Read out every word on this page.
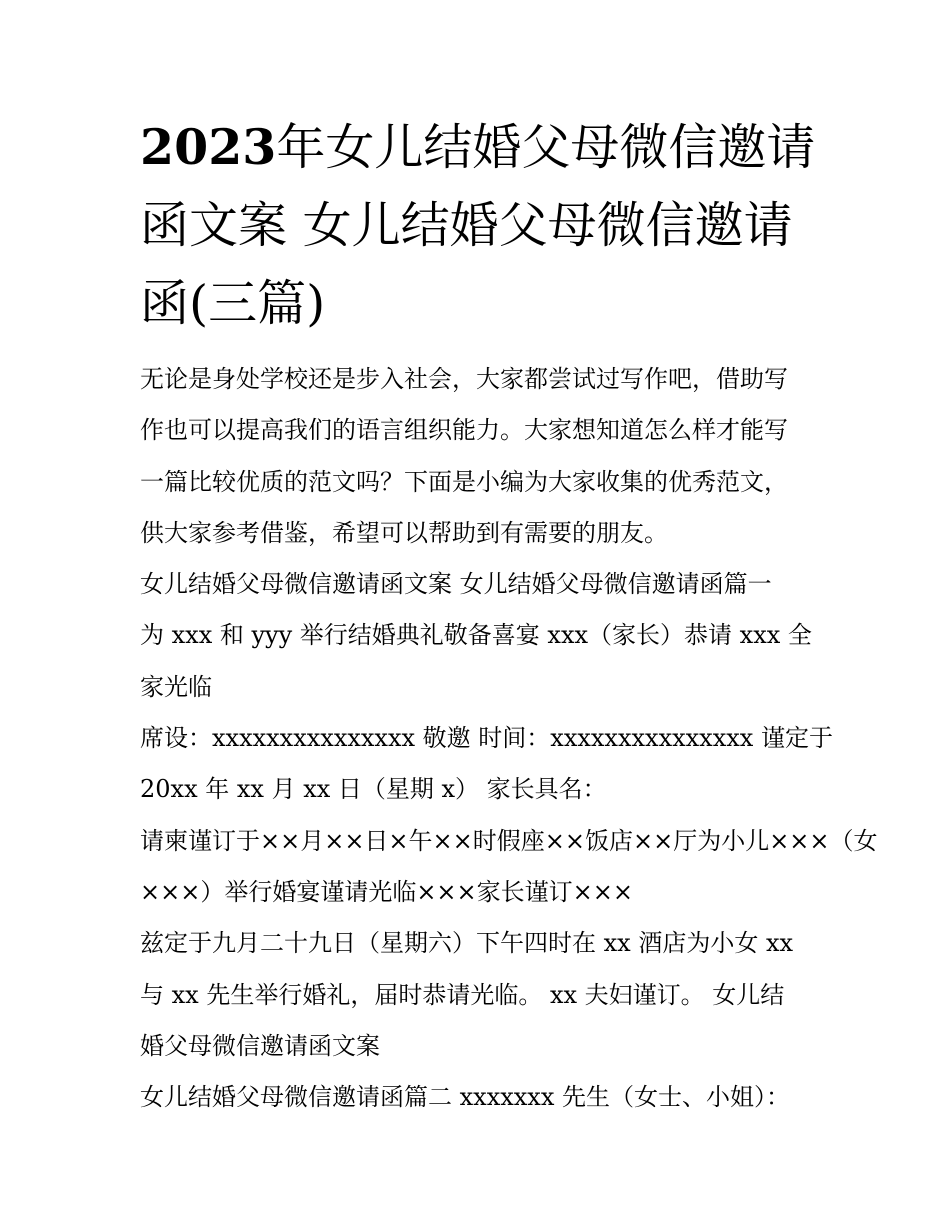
2023年女儿结婚父母微信邀请
函文案 女儿结婚父母微信邀请
函(三篇)
无论是身处学校还是步入社会，大家都尝试过写作吧，借助写
作也可以提高我们的语言组织能力。大家想知道怎么样才能写
一篇比较优质的范文吗？下面是小编为大家收集的优秀范文，
供大家参考借鉴，希望可以帮助到有需要的朋友。
女儿结婚父母微信邀请函文案 女儿结婚父母微信邀请函篇一
为 xxx 和 yyy 举行结婚典礼敬备喜宴 xxx（家长）恭请 xxx 全
家光临
席设：xxxxxxxxxxxxxxx 敬邀 时间：xxxxxxxxxxxxxxx 谨定于
20xx 年 xx 月 xx 日（星期 x） 家长具名：
请柬谨订于××月××日×午××时假座××饭店××厅为小儿×××（女
×××）举行婚宴谨请光临×××家长谨订×××
兹定于九月二十九日（星期六）下午四时在 xx 酒店为小女 xx
与 xx 先生举行婚礼，届时恭请光临。 xx 夫妇谨订。 女儿结
婚父母微信邀请函文案
女儿结婚父母微信邀请函篇二 xxxxxxx 先生（女士、小姐）：
